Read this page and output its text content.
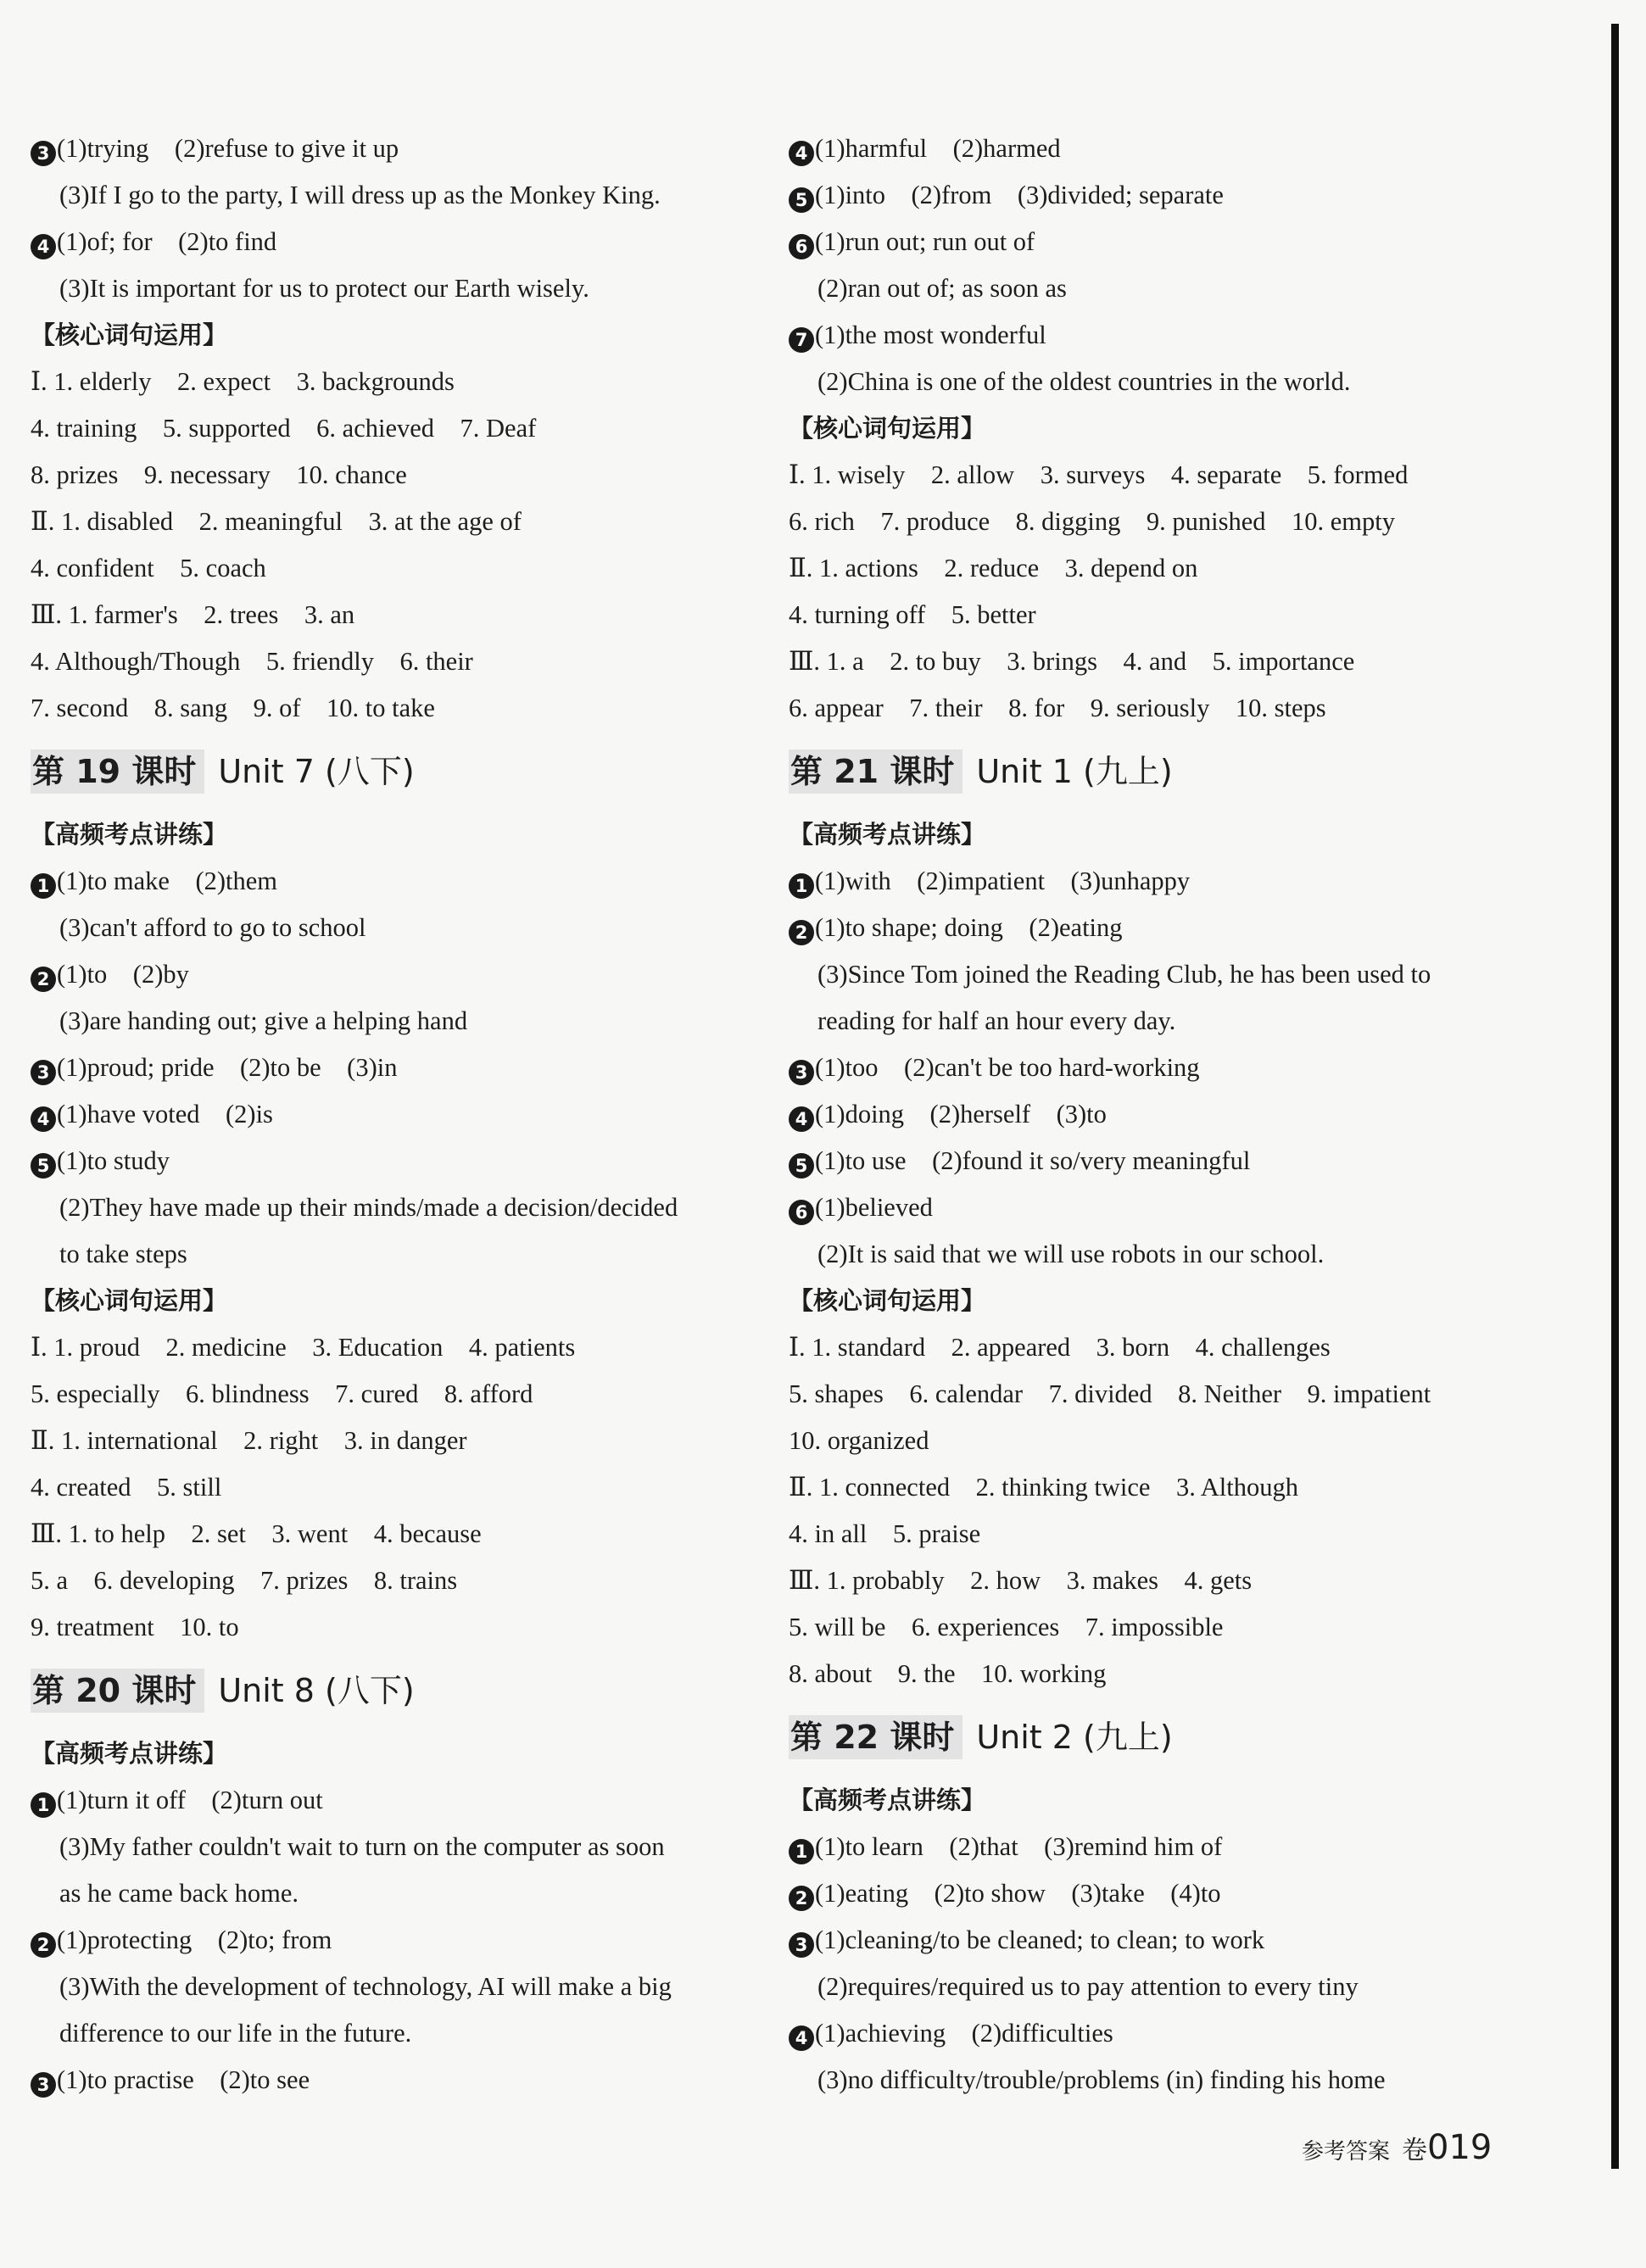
3 (1)trying　(2)refuse to give it up
(3)If I go to the party, I will dress up as the Monkey King.
4 (1)of; for　(2)to find
(3)It is important for us to protect our Earth wisely.
【核心词句运用】
Ⅰ. 1. elderly　2. expect　3. backgrounds
4. training　5. supported　6. achieved　7. Deaf
8. prizes　9. necessary　10. chance
Ⅱ. 1. disabled　2. meaningful　3. at the age of
4. confident　5. coach
Ⅲ. 1. farmer's　2. trees　3. an
4. Although/Though　5. friendly　6. their
7. second　8. sang　9. of　10. to take
第 19 课时 Unit 7 (八下)
【高频考点讲练】
1 (1)to make　(2)them
(3)can't afford to go to school
2 (1)to　(2)by
(3)are handing out; give a helping hand
3 (1)proud; pride　(2)to be　(3)in
4 (1)have voted　(2)is
5 (1)to study
(2)They have made up their minds/made a decision/decided
to take steps
【核心词句运用】
Ⅰ. 1. proud　2. medicine　3. Education　4. patients
5. especially　6. blindness　7. cured　8. afford
Ⅱ. 1. international　2. right　3. in danger
4. created　5. still
Ⅲ. 1. to help　2. set　3. went　4. because
5. a　6. developing　7. prizes　8. trains
9. treatment　10. to
第 20 课时 Unit 8 (八下)
【高频考点讲练】
1 (1)turn it off　(2)turn out
(3)My father couldn't wait to turn on the computer as soon
as he came back home.
2 (1)protecting　(2)to; from
(3)With the development of technology, AI will make a big
difference to our life in the future.
3 (1)to practise　(2)to see
4 (1)harmful　(2)harmed
5 (1)into　(2)from　(3)divided; separate
6 (1)run out; run out of
(2)ran out of; as soon as
7 (1)the most wonderful
(2)China is one of the oldest countries in the world.
【核心词句运用】
Ⅰ. 1. wisely　2. allow　3. surveys　4. separate　5. formed
6. rich　7. produce　8. digging　9. punished　10. empty
Ⅱ. 1. actions　2. reduce　3. depend on
4. turning off　5. better
Ⅲ. 1. a　2. to buy　3. brings　4. and　5. importance
6. appear　7. their　8. for　9. seriously　10. steps
第 21 课时 Unit 1 (九上)
【高频考点讲练】
1 (1)with　(2)impatient　(3)unhappy
2 (1)to shape; doing　(2)eating
(3)Since Tom joined the Reading Club, he has been used to
reading for half an hour every day.
3 (1)too　(2)can't be too hard-working
4 (1)doing　(2)herself　(3)to
5 (1)to use　(2)found it so/very meaningful
6 (1)believed
(2)It is said that we will use robots in our school.
【核心词句运用】
Ⅰ. 1. standard　2. appeared　3. born　4. challenges
5. shapes　6. calendar　7. divided　8. Neither　9. impatient
10. organized
Ⅱ. 1. connected　2. thinking twice　3. Although
4. in all　5. praise
Ⅲ. 1. probably　2. how　3. makes　4. gets
5. will be　6. experiences　7. impossible
8. about　9. the　10. working
第 22 课时 Unit 2 (九上)
【高频考点讲练】
1 (1)to learn　(2)that　(3)remind him of
2 (1)eating　(2)to show　(3)take　(4)to
3 (1)cleaning/to be cleaned; to clean; to work
(2)requires/required us to pay attention to every tiny
4 (1)achieving　(2)difficulties
(3)no difficulty/trouble/problems (in) finding his home
参考答案 卷019
